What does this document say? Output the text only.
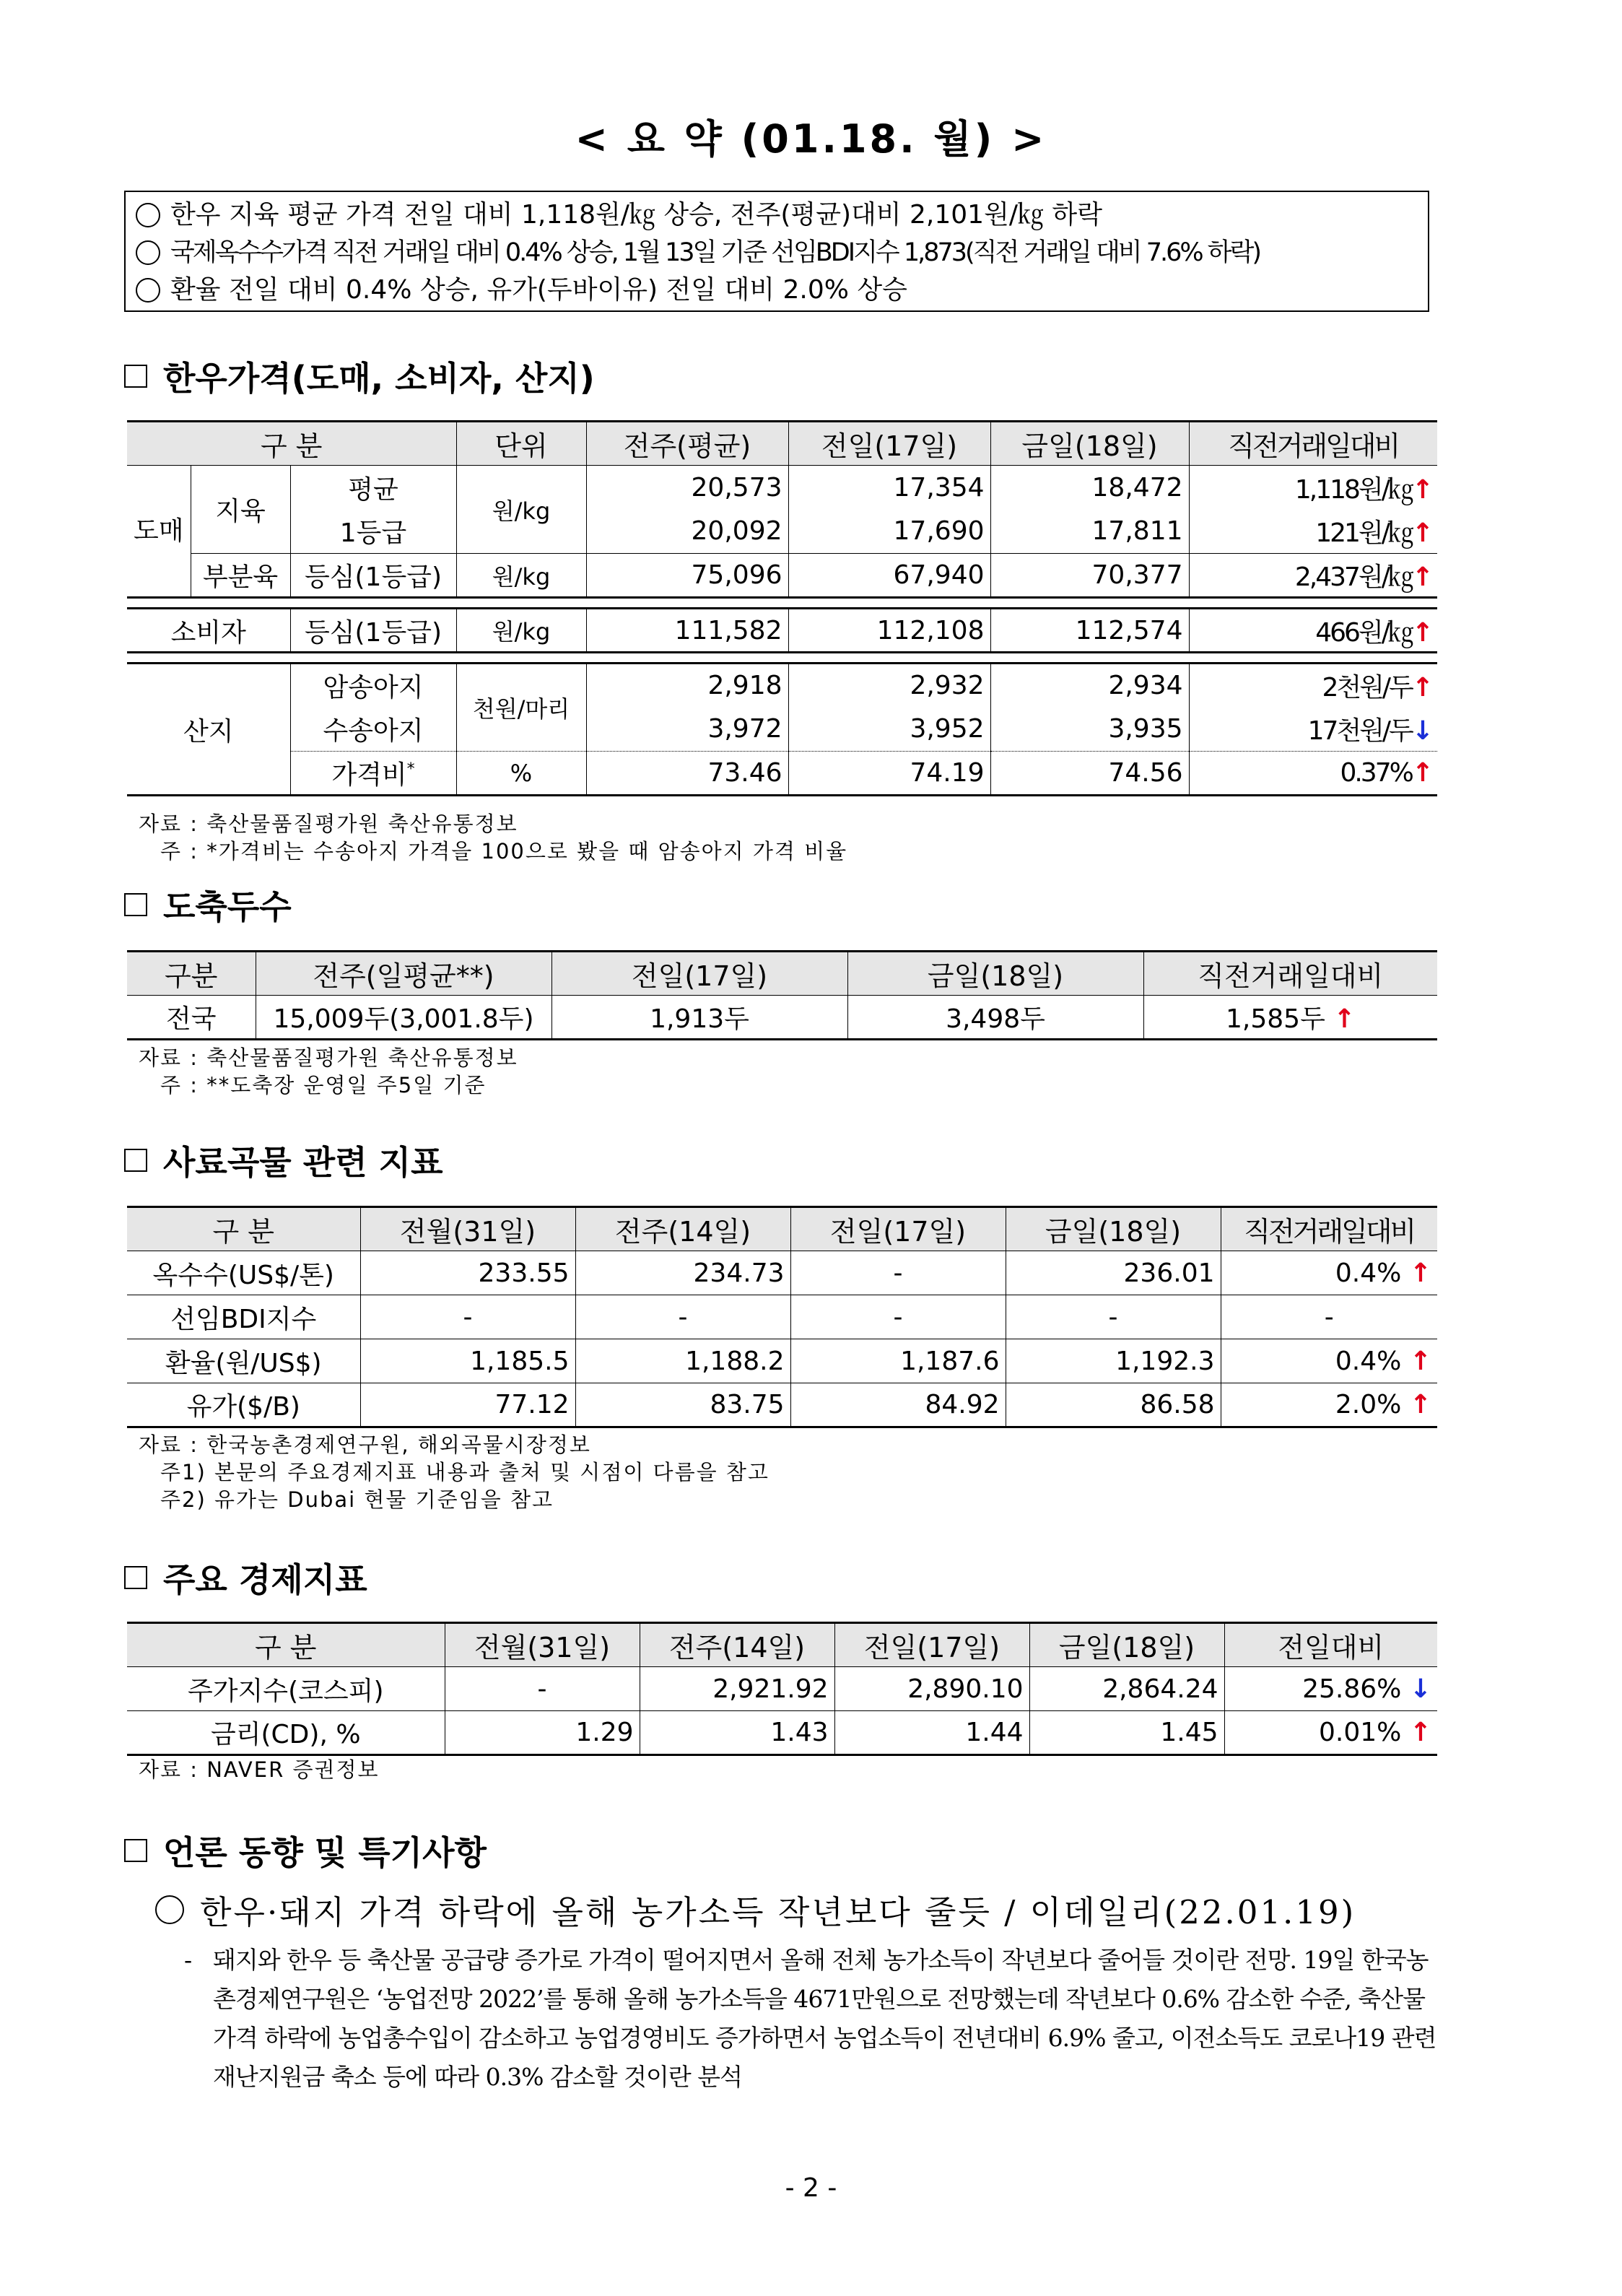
< 요 약 (01.18. 월) >
한우 지육 평균 가격 전일 대비 1,118원/㎏ 상승, 전주(평균)대비 2,101원/㎏ 하락
국제옥수수가격 직전 거래일 대비 0.4% 상승, 1월 13일 기준 선임BDI지수 1,873(직전 거래일 대비 7.6% 하락)
환율 전일 대비 0.4% 상승, 유가(두바이유) 전일 대비 2.0% 상승
한우가격(도매, 소비자, 산지)
구 분			단위	전주(평균)	전일(17일)	금일(18일)	직전거래일대비
도매	지육	평균	원/kg	20,573	17,354	18,472	1,118원/㎏↑
		1등급		20,092	17,690	17,811	121원/㎏↑
	부분육	등심(1등급)	원/kg	75,096	67,940	70,377	2,437원/㎏↑

소비자		등심(1등급)	원/kg	111,582	112,108	112,574	466원/㎏↑

산지		암송아지	천원/마리	2,918	2,932	2,934	2천원/두↑
		수송아지		3,972	3,952	3,935	17천원/두↓
		가격비*	%	73.46	74.19	74.56	0.37%↑
자료 : 축산물품질평가원 축산유통정보
주 : *가격비는 수송아지 가격을 100으로 봤을 때 암송아지 가격 비율
도축두수
구분	전주(일평균**)	전일(17일)	금일(18일)	직전거래일대비
전국	15,009두(3,001.8두)	1,913두	3,498두	1,585두 ↑
자료 : 축산물품질평가원 축산유통정보
주 : **도축장 운영일 주5일 기준
사료곡물 관련 지표
구 분	전월(31일)	전주(14일)	전일(17일)	금일(18일)	직전거래일대비
옥수수(US$/톤)	233.55	234.73	-	236.01	0.4% ↑
선임BDI지수	-	-	-	-	-
환율(원/US$)	1,185.5	1,188.2	1,187.6	1,192.3	0.4% ↑
유가($/B)	77.12	83.75	84.92	86.58	2.0% ↑
자료 : 한국농촌경제연구원, 해외곡물시장정보
주1) 본문의 주요경제지표 내용과 출처 및 시점이 다름을 참고
주2) 유가는 Dubai 현물 기준임을 참고
주요 경제지표
구 분	전월(31일)	전주(14일)	전일(17일)	금일(18일)	전일대비
주가지수(코스피)	-	2,921.92	2,890.10	2,864.24	25.86% ↓
금리(CD), %	1.29	1.43	1.44	1.45	0.01% ↑
자료 : NAVER 증권정보
언론 동향 및 특기사항
한우·돼지 가격 하락에 올해 농가소득 작년보다 줄듯 / 이데일리(22.01.19)
- 돼지와 한우 등 축산물 공급량 증가로 가격이 떨어지면서 올해 전체 농가소득이 작년보다 줄어들 것이란 전망. 19일 한국농촌경제연구원은 ‘농업전망 2022’를 통해 올해 농가소득을 4671만원으로 전망했는데 작년보다 0.6% 감소한 수준, 축산물 가격 하락에 농업총수입이 감소하고 농업경영비도 증가하면서 농업소득이 전년대비 6.9% 줄고, 이전소득도 코로나19 관련 재난지원금 축소 등에 따라 0.3% 감소할 것이란 분석
- 2 -
